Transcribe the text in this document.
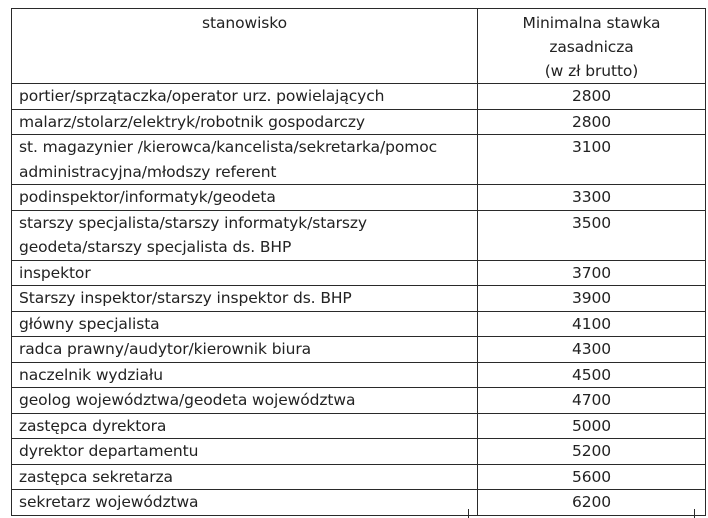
stanowisko	Minimalna stawka
zasadnicza
(w zł brutto)

portier/sprzątaczka/operator urz. powielających	2800

malarz/stolarz/elektryk/robotnik gospodarczy	2800

st. magazynier /kierowca/kancelista/sekretarka/pomoc
administracyjna/młodszy referent	3100

podinspektor/informatyk/geodeta	3300

starszy specjalista/starszy informatyk/starszy
geodeta/starszy specjalista ds. BHP	3500

inspektor	3700

Starszy inspektor/starszy inspektor ds. BHP	3900

główny specjalista	4100

radca prawny/audytor/kierownik biura	4300

naczelnik wydziału	4500

geolog województwa/geodeta województwa	4700

zastępca dyrektora	5000

dyrektor departamentu	5200

zastępca sekretarza	5600

sekretarz województwa	6200
